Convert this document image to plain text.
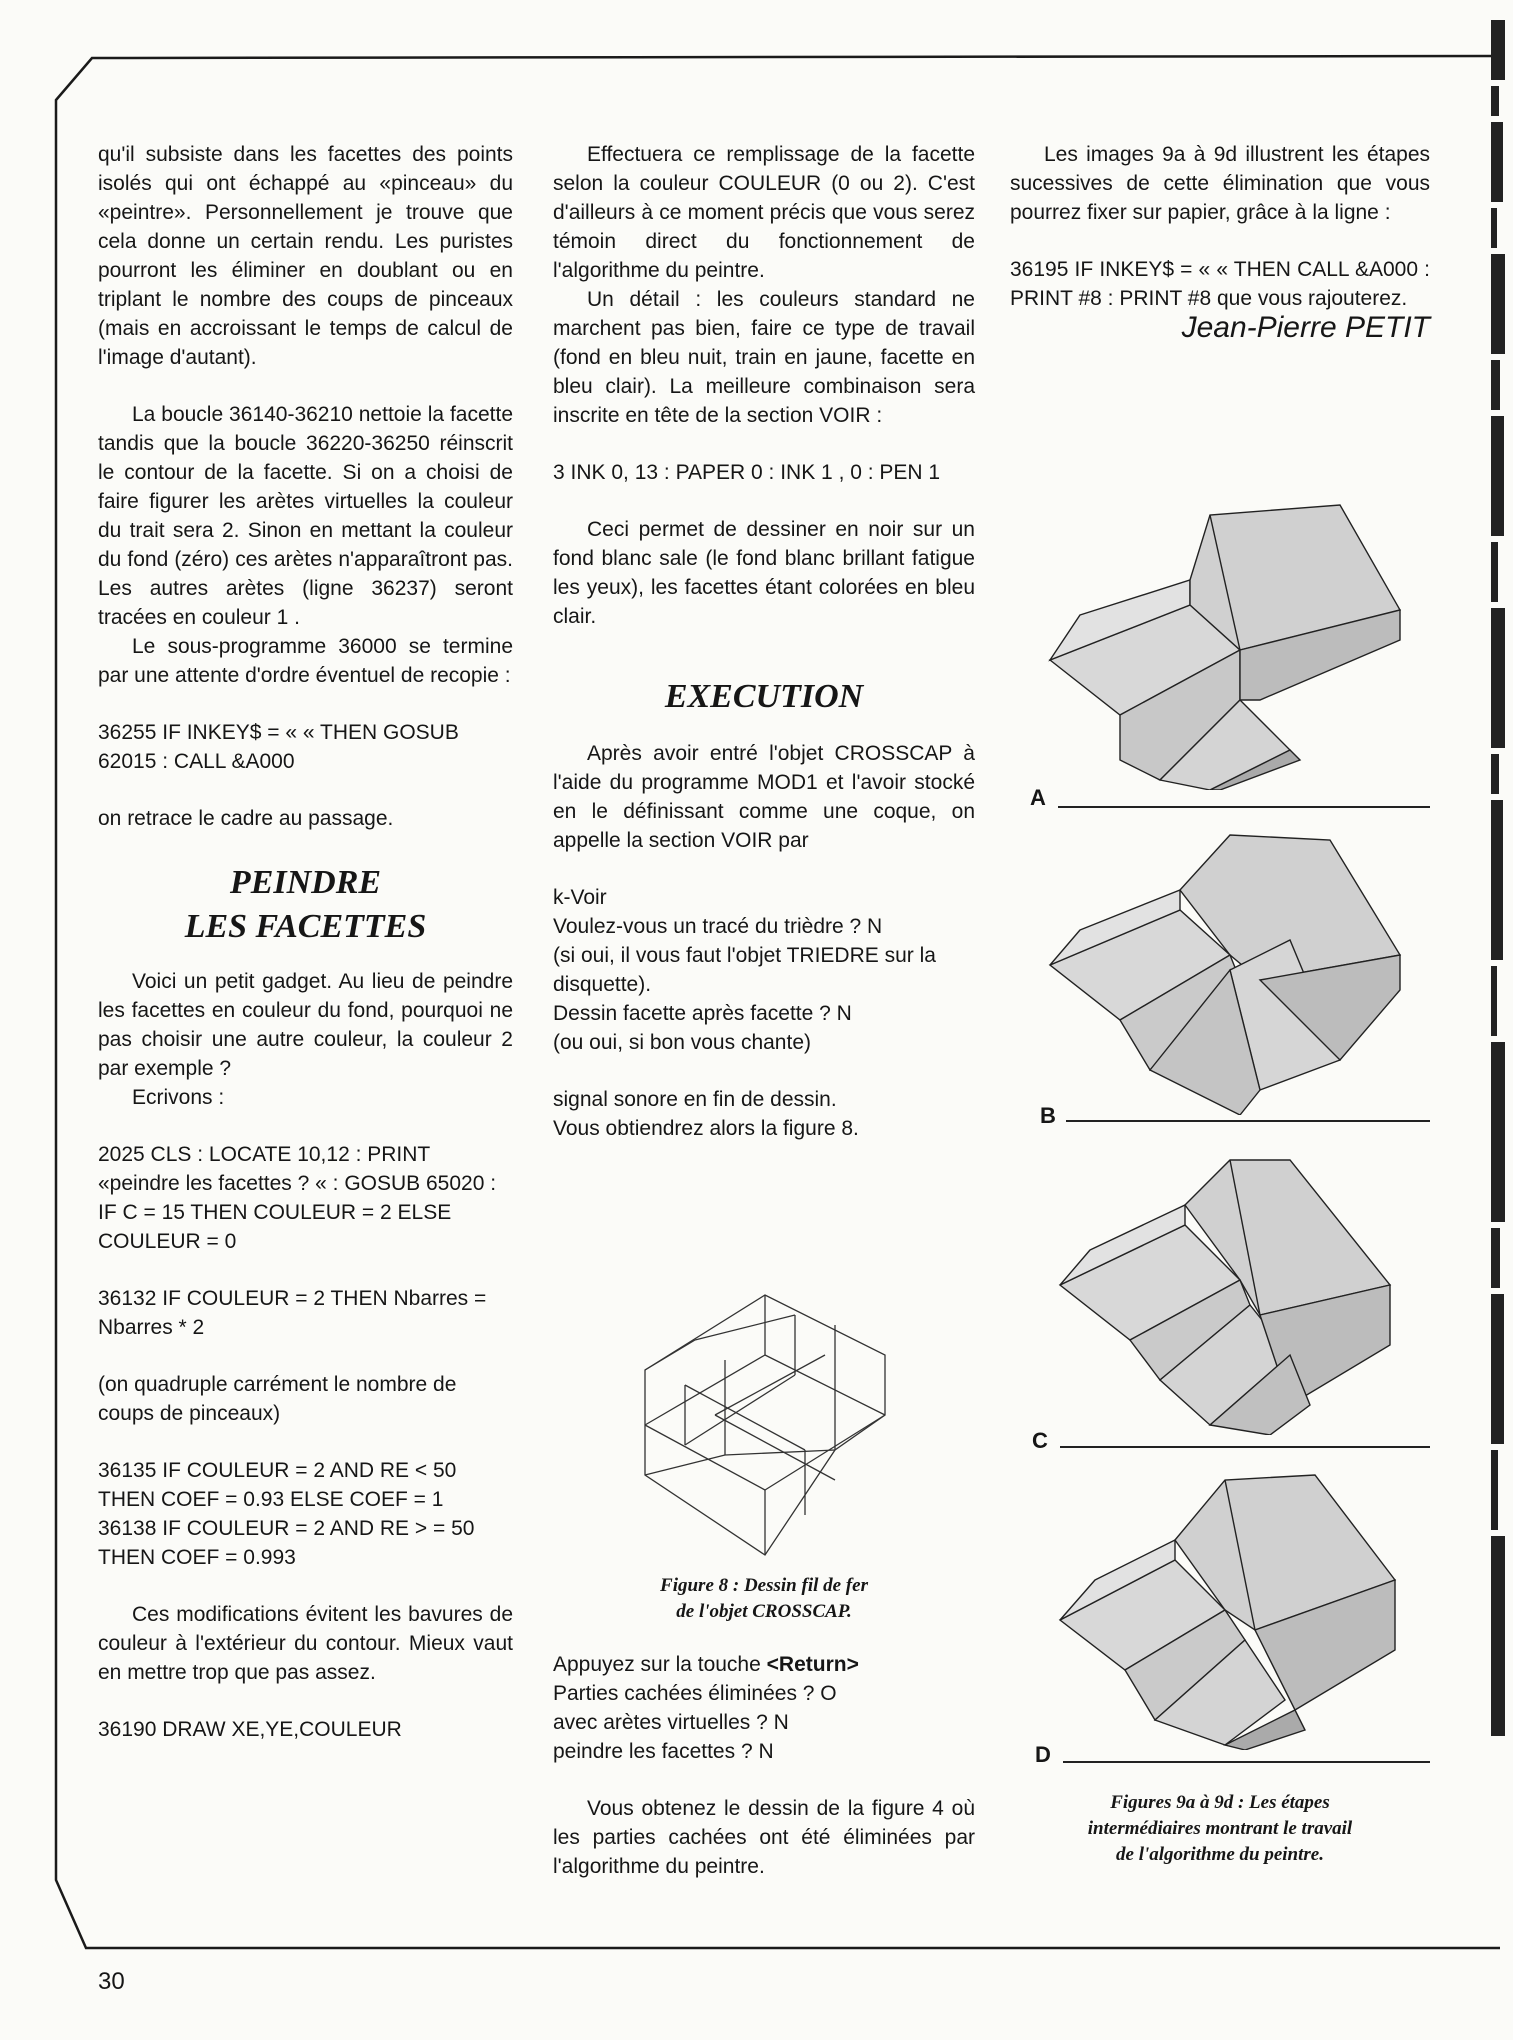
qu'il subsiste dans les facettes des points isolés qui ont échappé au «pinceau» du «peintre». Personnellement je trouve que cela donne un certain rendu. Les puristes pourront les éliminer en doublant ou en triplant le nombre des coups de pinceaux (mais en accroissant le temps de calcul de l'image d'autant).

La boucle 36140-36210 nettoie la facette tandis que la boucle 36220-36250 réinscrit le contour de la facette. Si on a choisi de faire figurer les arètes virtuelles la couleur du trait sera 2. Sinon en mettant la couleur du fond (zéro) ces arètes n'apparaîtront pas. Les autres arètes (ligne 36237) seront tracées en couleur 1 .

Le sous-programme 36000 se termine par une attente d'ordre éventuel de recopie :

36255 IF INKEY$ = « « THEN GOSUB 62015 : CALL &A000

on retrace le cadre au passage.

PEINDRE
LES FACETTES

Voici un petit gadget. Au lieu de peindre les facettes en couleur du fond, pourquoi ne pas choisir une autre couleur, la couleur 2 par exemple ?

Ecrivons :

2025 CLS : LOCATE 10,12 : PRINT «peindre les facettes ? « : GOSUB 65020 : IF C = 15 THEN COULEUR = 2 ELSE COULEUR = 0

36132 IF COULEUR = 2 THEN Nbarres = Nbarres * 2

(on quadruple carrément le nombre de coups de pinceaux)

36135 IF COULEUR = 2 AND RE < 50 THEN COEF = 0.93 ELSE COEF = 1

36138 IF COULEUR = 2 AND RE > = 50 THEN COEF = 0.993

Ces modifications évitent les bavures de couleur à l'extérieur du contour. Mieux vaut en mettre trop que pas assez.

36190 DRAW XE,YE,COULEUR

Effectuera ce remplissage de la facette selon la couleur COULEUR (0 ou 2). C'est d'ailleurs à ce moment précis que vous serez témoin direct du fonctionnement de l'algorithme du peintre.

Un détail : les couleurs standard ne marchent pas bien, faire ce type de travail (fond en bleu nuit, train en jaune, facette en bleu clair). La meilleure combinaison sera inscrite en tête de la section VOIR :

3 INK 0, 13 : PAPER 0 : INK 1 , 0 : PEN 1

Ceci permet de dessiner en noir sur un fond blanc sale (le fond blanc brillant fatigue les yeux), les facettes étant colorées en bleu clair.

EXECUTION

Après avoir entré l'objet CROSSCAP à l'aide du programme MOD1 et l'avoir stocké en le définissant comme une coque, on appelle la section VOIR par

k-Voir

Voulez-vous un tracé du trièdre ? N

(si oui, il vous faut l'objet TRIEDRE sur la disquette).

Dessin facette après facette ? N

(ou oui, si bon vous chante)

signal sonore en fin de dessin.

Vous obtiendrez alors la figure 8.

Figure 8 : Dessin fil de fer
de l'objet CROSSCAP.

Appuyez sur la touche <Return>

Parties cachées éliminées ? O

avec arètes virtuelles ? N

peindre les facettes ? N

Vous obtenez le dessin de la figure 4 où les parties cachées ont été éliminées par l'algorithme du peintre.

Les images 9a à 9d illustrent les étapes sucessives de cette élimination que vous pourrez fixer sur papier, grâce à la ligne :

36195 IF INKEY$ = « « THEN CALL &A000 : PRINT #8 : PRINT #8 que vous rajouterez.

Jean-Pierre PETIT

A
B
C
D
Figures 9a à 9d : Les étapes
intermédiaires montrant le travail
de l'algorithme du peintre.
30
